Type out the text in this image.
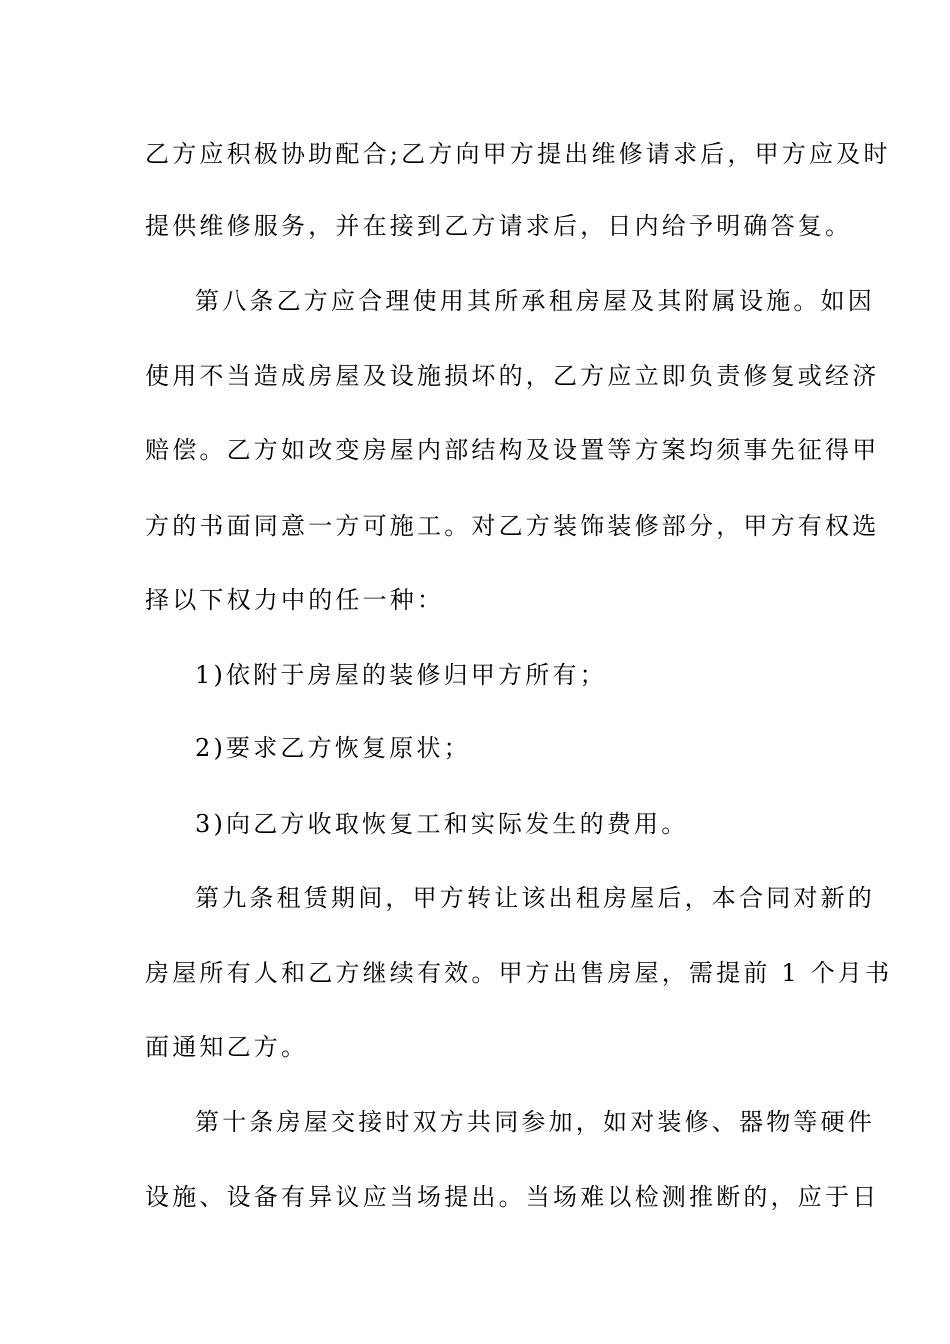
乙方应积极协助配合;乙方向甲方提出维修请求后，甲方应及时
提供维修服务，并在接到乙方请求后，日内给予明确答复。
第八条乙方应合理使用其所承租房屋及其附属设施。如因
使用不当造成房屋及设施损坏的，乙方应立即负责修复或经济
赔偿。乙方如改变房屋内部结构及设置等方案均须事先征得甲
方的书面同意一方可施工。对乙方装饰装修部分，甲方有权选
择以下权力中的任一种：
1)依附于房屋的装修归甲方所有；
2)要求乙方恢复原状；
3)向乙方收取恢复工和实际发生的费用。
第九条租赁期间，甲方转让该出租房屋后，本合同对新的
房屋所有人和乙方继续有效。甲方出售房屋，需提前 1 个月书
面通知乙方。
第十条房屋交接时双方共同参加，如对装修、器物等硬件
设施、设备有异议应当场提出。当场难以检测推断的，应于日
